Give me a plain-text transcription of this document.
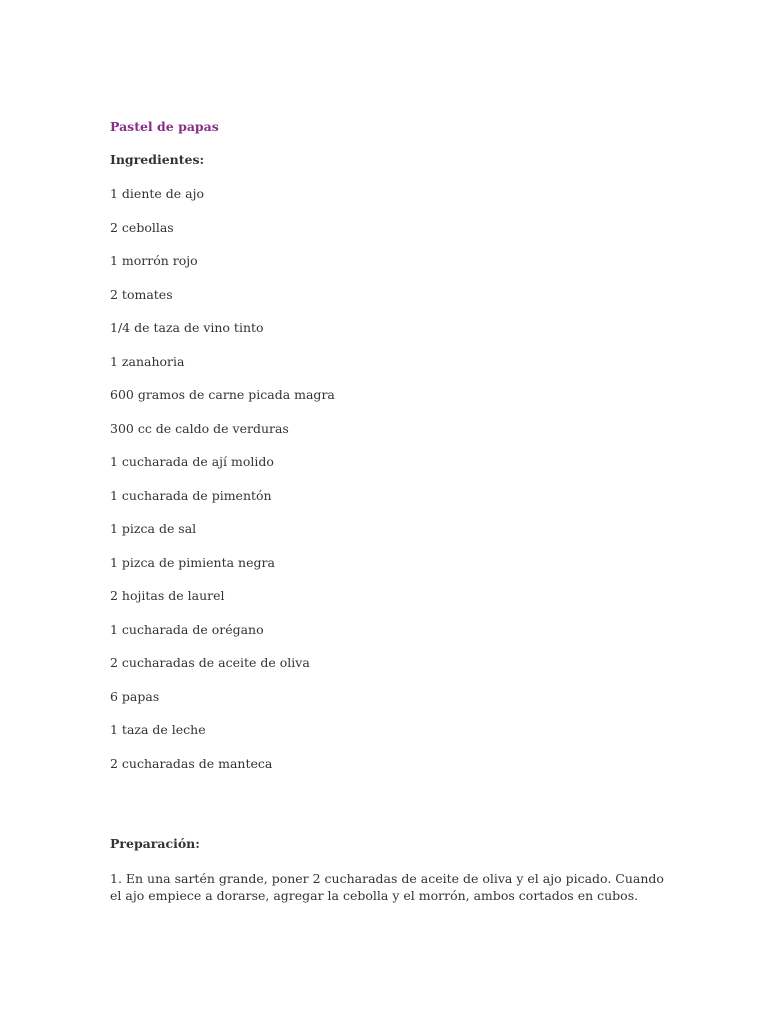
Pastel de papas
Ingredientes:
1 diente de ajo
2 cebollas
1 morrón rojo
2 tomates
1/4 de taza de vino tinto
1 zanahoria
600 gramos de carne picada magra
300 cc de caldo de verduras
1 cucharada de ají molido
1 cucharada de pimentón
1 pizca de sal
1 pizca de pimienta negra
2 hojitas de laurel
1 cucharada de orégano
2 cucharadas de aceite de oliva
6 papas
1 taza de leche
2 cucharadas de manteca
Preparación:

1. En una sartén grande, poner 2 cucharadas de aceite de oliva y el ajo picado. Cuando el ajo empiece a dorarse, agregar la cebolla y el morrón, ambos cortados en cubos.
